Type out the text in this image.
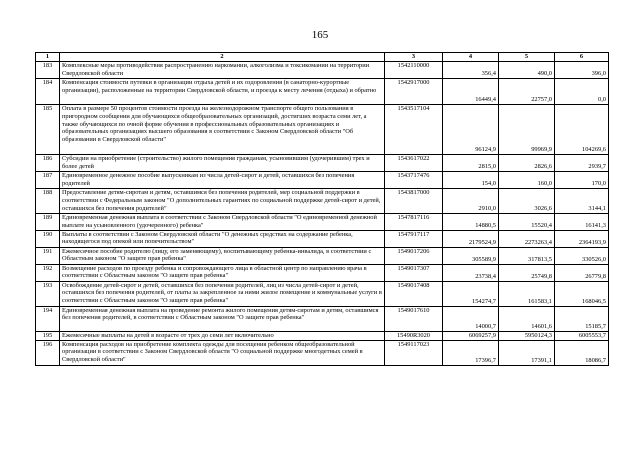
165
1	2	3	4	5	6
183	Комплексные меры противодействия распространению наркомании, алкоголизма и токсикомании на территории Свердловской области	1542110000	356,4	490,0	396,0
184	Компенсация стоимости путевки в организации отдыха детей и их оздоровления (в санаторно-курортные организации), расположенные на территории Свердловской области, и проезда к месту лечения (отдыха) и обратно	1542917000	16449,4	22757,0	0,0
185	Оплата в размере 50 процентов стоимости проезда на железнодорожном транспорте общего пользования в пригородном сообщении для обучающихся общеобразовательных организаций, достигших возраста семи лет, а также обучающихся по очной форме обучения в профессиональных образовательных организациях и образовательных организациях высшего образования в соответствии с Законом Свердловской области "Об образовании в Свердловской области"	1543517104	96124,9	99969,9	104269,6
186	Субсидии на приобретение (строительство) жилого помещения гражданам, усыновившим (удочерившим) трех и более детей	1543617022	2815,0	2826,6	2939,7
187	Единовременное денежное пособие выпускникам из числа детей-сирот и детей, оставшихся без попечения родителей	1543717476	154,0	160,0	170,0
188	Предоставление детям-сиротам и детям, оставшимся без попечения родителей, мер социальной поддержки в соответствии с Федеральным законом "О дополнительных гарантиях по социальной поддержке детей-сирот и детей, оставшихся без попечения родителей"	1543817000	2910,0	3026,6	3144,1
189	Единовременная денежная выплата в соответствии с Законом Свердловской области "О единовременной денежной выплате на усыновленного (удочеренного) ребенка"	1547817116	14880,5	15520,4	16141,3
190	Выплаты в соответствии с Законом Свердловской области "О денежных средствах на содержание ребенка, находящегося под опекой или попечительством"	1547917117	2179524,9	2273263,4	2364193,9
191	Ежемесячное пособие родителю (лицу, его заменяющему), воспитывающему ребенка-инвалида, в соответствии с Областным законом "О защите прав ребенка"	1549017206	305589,9	317813,5	330526,0
192	Возмещение расходов по проезду ребенка и сопровождающего лица в областной центр по направлению врача в соответствии с Областным законом "О защите прав ребенка"	1549017307	23738,4	25749,8	26779,8
193	Освобождение детей-сирот и детей, оставшихся без попечения родителей, лиц из числа детей-сирот и детей, оставшихся без попечения родителей, от платы за закрепленное за ними жилое помещение и коммунальные услуги в соответствии с Областным законом "О защите прав ребенка"	1549017408	154274,7	161583,1	168046,5
194	Единовременная денежная выплата на проведение ремонта жилого помещения детям-сиротам и детям, оставшимся без попечения родителей, в соответствии с Областным законом "О защите прав ребенка"	1549017610	14000,7	14601,6	15185,7
195	Ежемесячные выплаты на детей в возрасте от трех до семи лет включительно	15490R3020	6069257,9	5950124,3	6005553,7
196	Компенсация расходов на приобретение комплекта одежды для посещения ребенком общеобразовательной организации в соответствии с Законом Свердловской области "О социальной поддержке многодетных семей в Свердловской области"	1549117023	17396,7	17391,1	18086,7
